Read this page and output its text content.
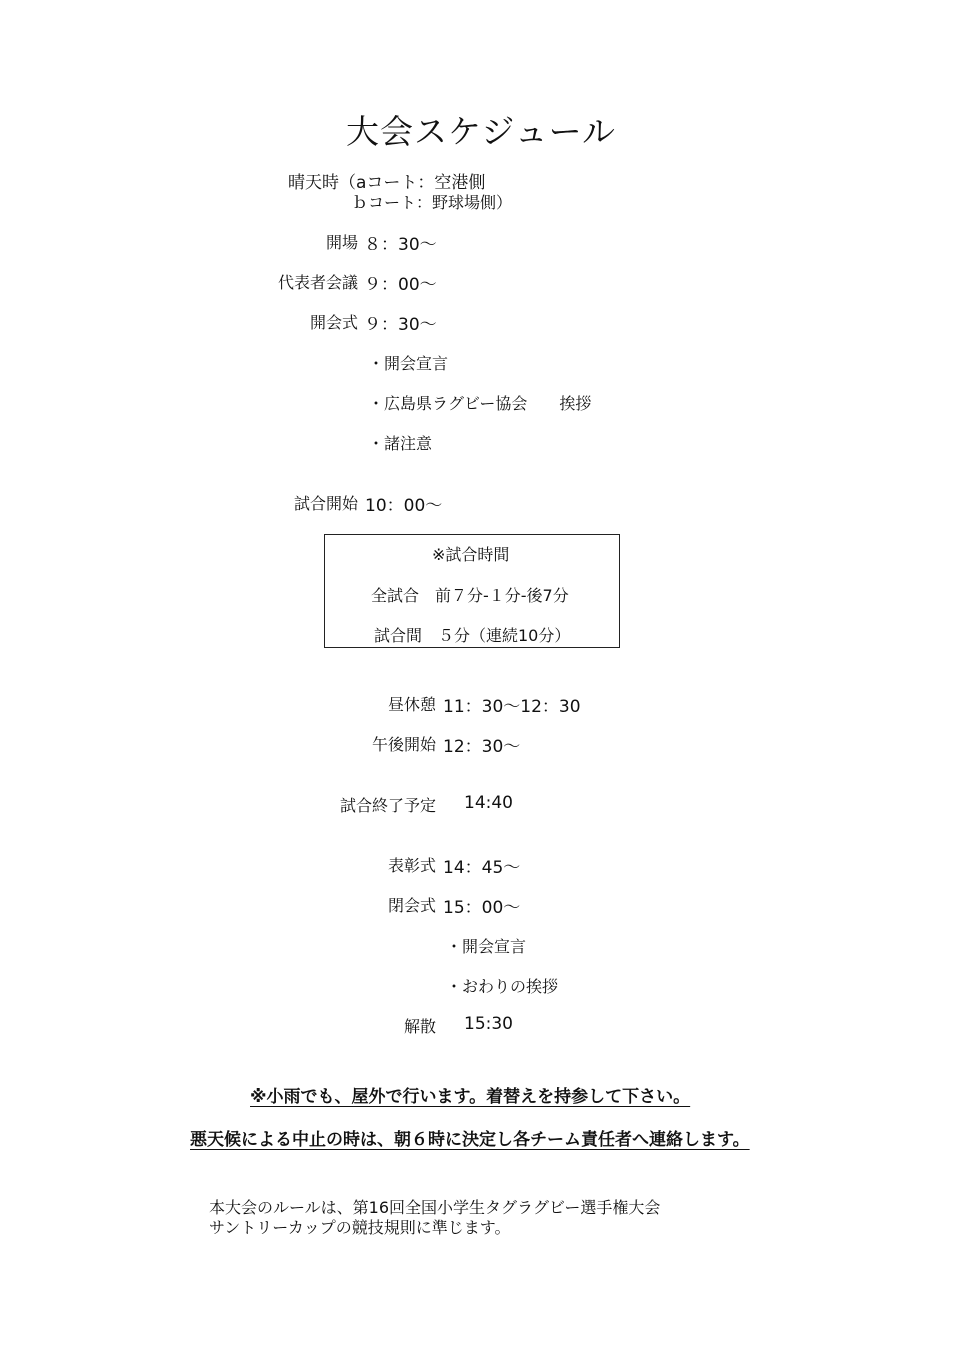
大会スケジュール
晴天時（aコート：空港側
ｂコート：野球場側）
開場 ８：30～
代表者会議 ９：00～
開会式 ９：30～
・開会宣言
・広島県ラグビー協会　　挨拶
・諸注意
試合開始 10：00～
※試合時間
全試合　前７分‐１分‐後7分
試合間　５分（連続10分）
昼休憩 11：30～12：30
午後開始 12：30～
試合終了予定 14:40
表彰式 14：45～
閉会式 15：00～
・開会宣言
・おわりの挨拶
解散 15:30
※小雨でも、屋外で行います。着替えを持参して下さい。
悪天候による中止の時は、朝６時に決定し各チーム責任者へ連絡します。
本大会のルールは、第16回全国小学生タグラグビー選手権大会
サントリーカップの競技規則に準じます。
